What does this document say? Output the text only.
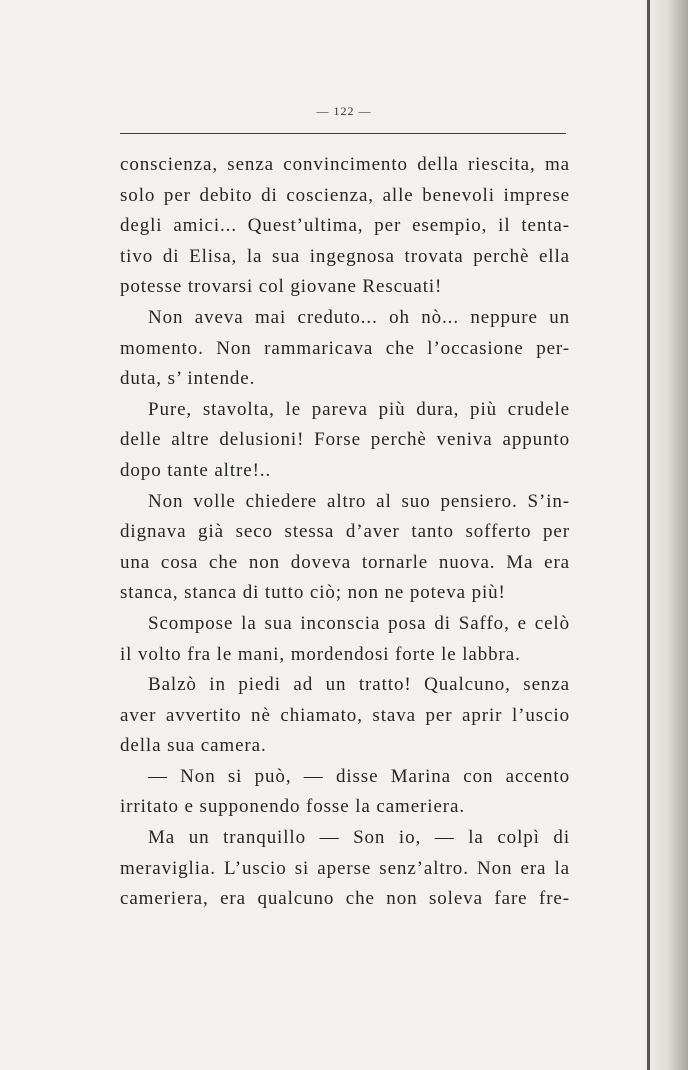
— 122 —
conscienza, senza convincimento della riescita, ma
solo per debito di coscienza, alle benevoli imprese
degli amici... Quest’ultima, per esempio, il tenta-
tivo di Elisa, la sua ingegnosa trovata perchè ella
potesse trovarsi col giovane Rescuati!
Non aveva mai creduto... oh nò... neppure un
momento. Non rammaricava che l’occasione per-
duta, s’ intende.
Pure, stavolta, le pareva più dura, più crudele
delle altre delusioni! Forse perchè veniva appunto
dopo tante altre!..
Non volle chiedere altro al suo pensiero. S’in-
dignava già seco stessa d’aver tanto sofferto per
una cosa che non doveva tornarle nuova. Ma era
stanca, stanca di tutto ciò; non ne poteva più!
Scompose la sua inconscia posa di Saffo, e celò
il volto fra le mani, mordendosi forte le labbra.
Balzò in piedi ad un tratto! Qualcuno, senza
aver avvertito nè chiamato, stava per aprir l’uscio
della sua camera.
— Non si può, — disse Marina con accento
irritato e supponendo fosse la cameriera.
Ma un tranquillo — Son io, — la colpì di
meraviglia. L’uscio si aperse senz’altro. Non era la
cameriera, era qualcuno che non soleva fare fre-
